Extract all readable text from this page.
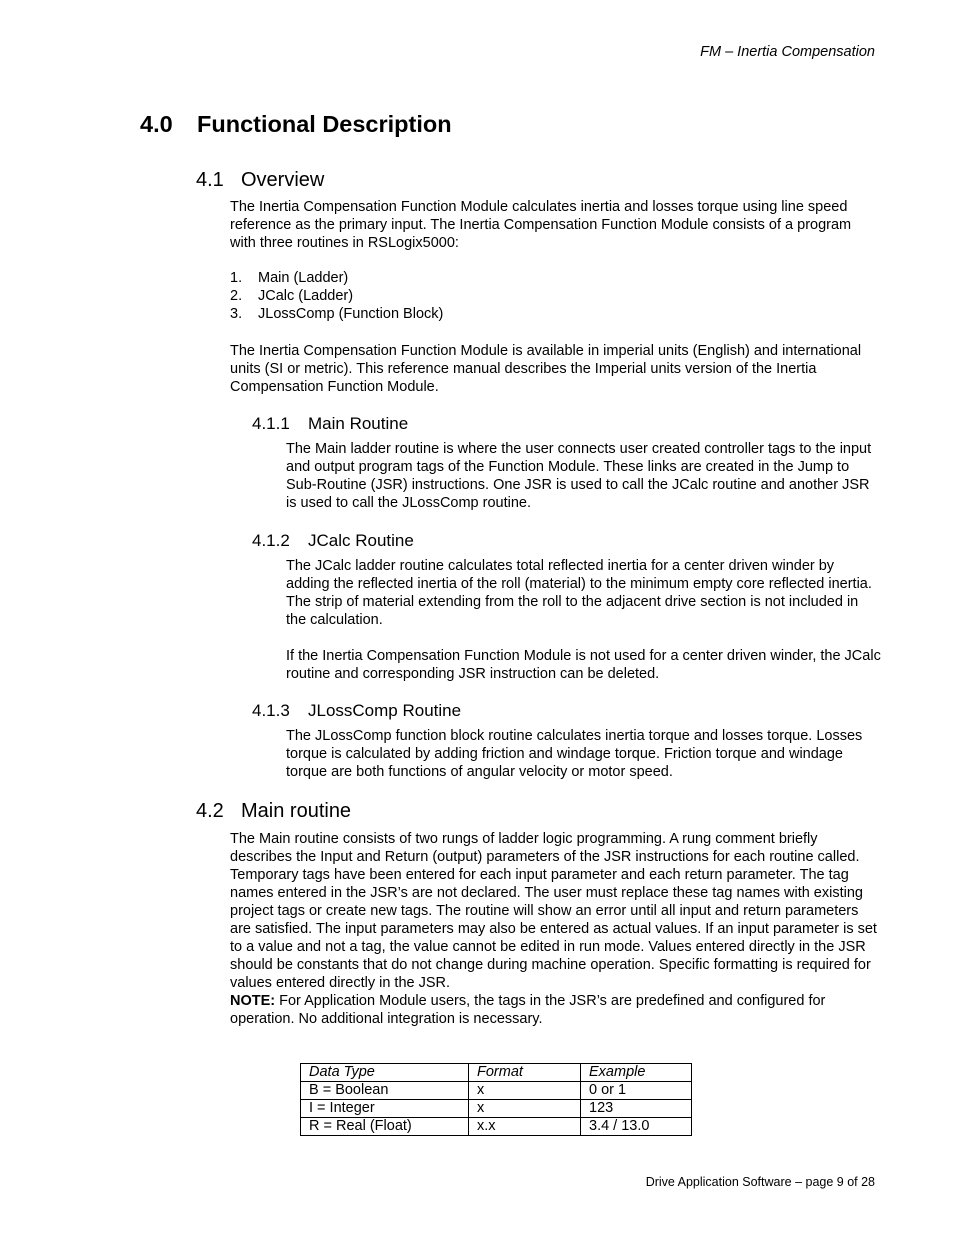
FM – Inertia Compensation
4.0 Functional Description
4.1 Overview

The Inertia Compensation Function Module calculates inertia and losses torque using line speed reference as the primary input. The Inertia Compensation Function Module consists of a program with three routines in RSLogix5000:

1. Main (Ladder)
2. JCalc (Ladder)
3. JLossComp (Function Block)

The Inertia Compensation Function Module is available in imperial units (English) and international units (SI or metric). This reference manual describes the Imperial units version of the Inertia Compensation Function Module.

4.1.1 Main Routine

The Main ladder routine is where the user connects user created controller tags to the input and output program tags of the Function Module. These links are created in the Jump to Sub-Routine (JSR) instructions. One JSR is used to call the JCalc routine and another JSR is used to call the JLossComp routine.

4.1.2 JCalc Routine

The JCalc ladder routine calculates total reflected inertia for a center driven winder by adding the reflected inertia of the roll (material) to the minimum empty core reflected inertia. The strip of material extending from the roll to the adjacent drive section is not included in the calculation.

If the Inertia Compensation Function Module is not used for a center driven winder, the JCalc routine and corresponding JSR instruction can be deleted.

4.1.3 JLossComp Routine

The JLossComp function block routine calculates inertia torque and losses torque. Losses torque is calculated by adding friction and windage torque. Friction torque and windage torque are both functions of angular velocity or motor speed.

4.2 Main routine
The Main routine consists of two rungs of ladder logic programming. A rung comment briefly describes the Input and Return (output) parameters of the JSR instructions for each routine called. Temporary tags have been entered for each input parameter and each return parameter. The tag names entered in the JSR’s are not declared. The user must replace these tag names with existing project tags or create new tags. The routine will show an error until all input and return parameters are satisfied. The input parameters may also be entered as actual values. If an input parameter is set to a value and not a tag, the value cannot be edited in run mode. Values entered directly in the JSR should be constants that do not change during machine operation. Specific formatting is required for values entered directly in the JSR.
NOTE: For Application Module users, the tags in the JSR’s are predefined and configured for operation. No additional integration is necessary.
Data Type	Format	Example
B = Boolean	x	0 or 1
I = Integer	x	123
R = Real (Float)	x.x	3.4 / 13.0
Drive Application Software – page 9 of 28
